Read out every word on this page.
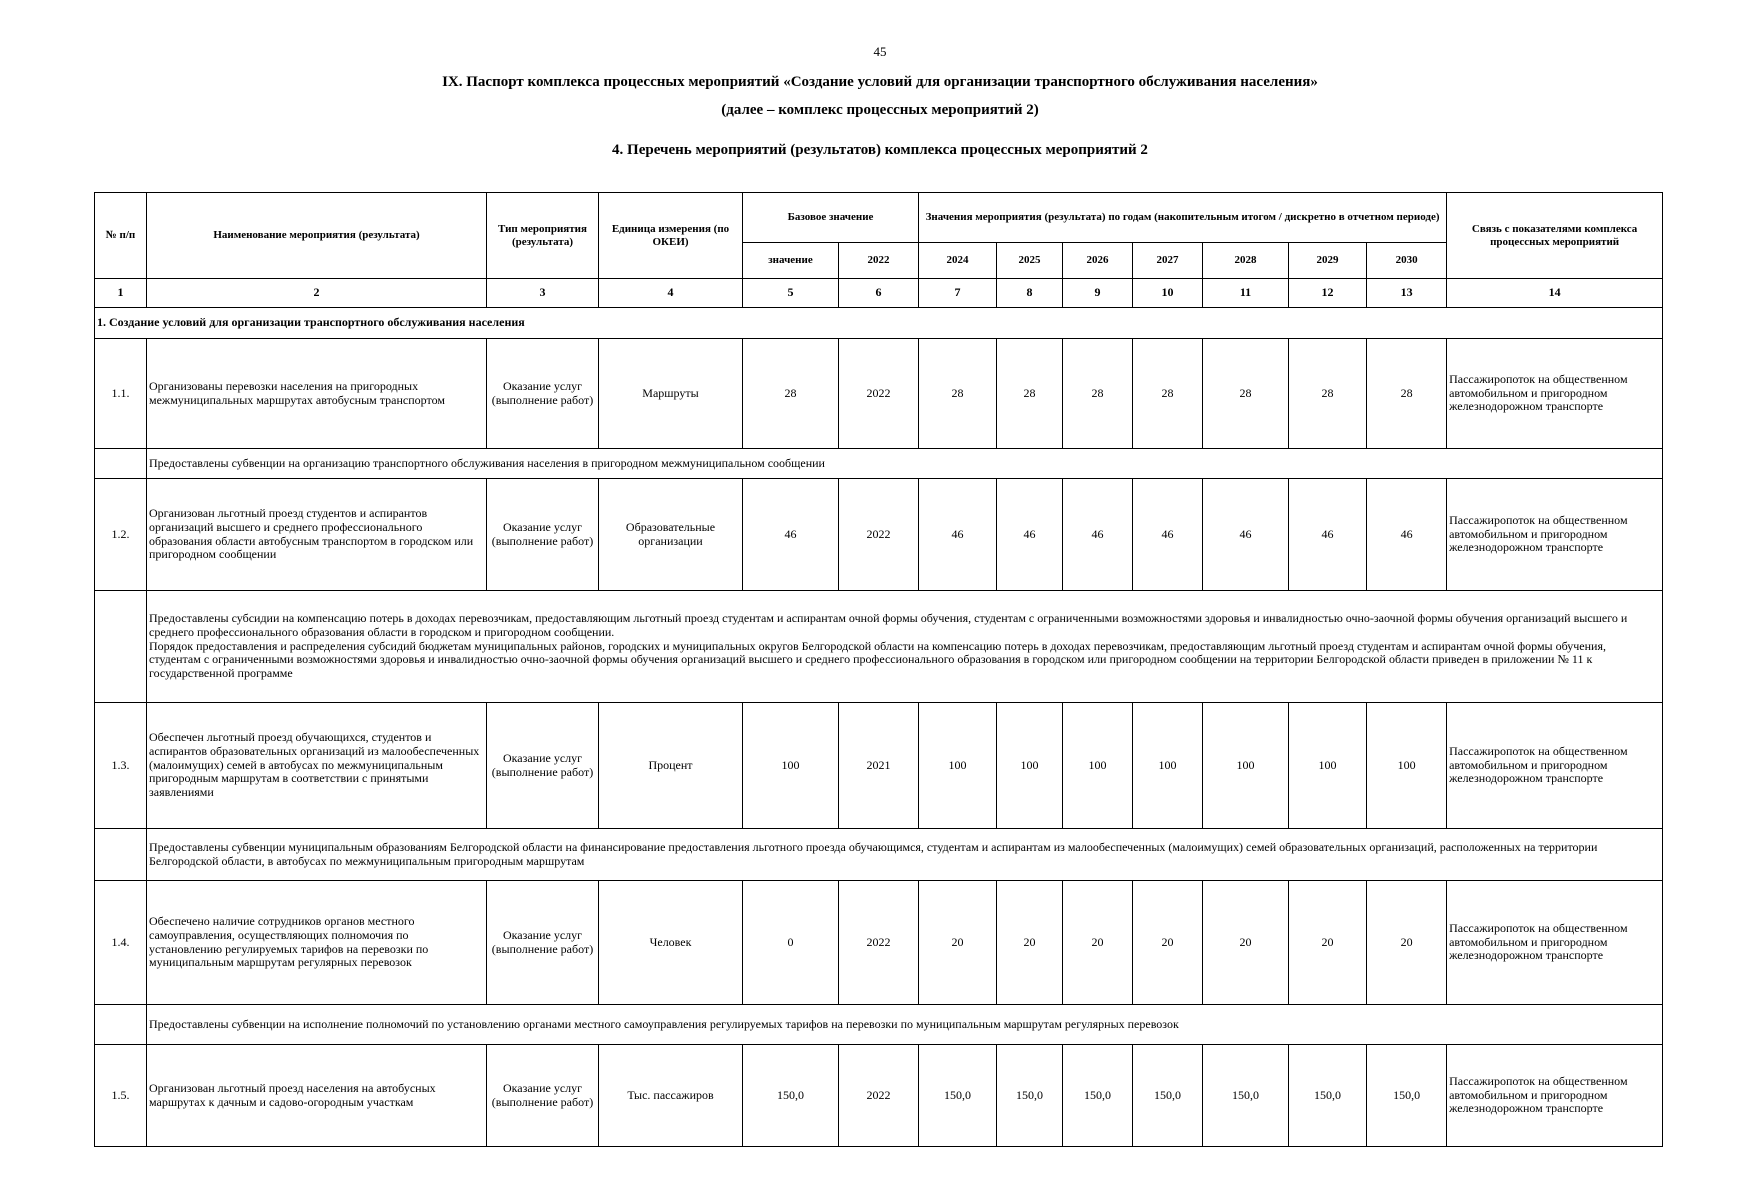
45
IX. Паспорт комплекса процессных мероприятий «Создание условий для организации транспортного обслуживания населения»
(далее – комплекс процессных мероприятий 2)
4. Перечень мероприятий (результатов) комплекса процессных мероприятий 2
№ п/п	Наименование мероприятия (результата)	Тип мероприятия (результата)	Единица измерения (по ОКЕИ)	Базовое значение		Значения мероприятия (результата) по годам (накопительным итогом / дискретно в отчетном периоде)							Связь с показателями комплекса процессных мероприятий
				значение	2022	2024	2025	2026	2027	2028	2029	2030	
1	2	3	4	5	6	7	8	9	10	11	12	13	14
1. Создание условий для организации транспортного обслуживания населения													
1.1.	Организованы перевозки населения на пригородных межмуниципальных маршрутах автобусным транспортом	Оказание услуг (выполнение работ)	Маршруты	28	2022	28	28	28	28	28	28	28	Пассажиропоток на общественном автомобильном и пригородном железнодорожном транспорте
	Предоставлены субвенции на организацию транспортного обслуживания населения в пригородном межмуниципальном сообщении												
1.2.	Организован льготный проезд студентов и аспирантов организаций высшего и среднего профессионального образования области автобусным транспортом в городском или пригородном сообщении	Оказание услуг (выполнение работ)	Образовательные организации	46	2022	46	46	46	46	46	46	46	Пассажиропоток на общественном автомобильном и пригородном железнодорожном транспорте

	Предоставлены субсидии на компенсацию потерь в доходах перевозчикам, предоставляющим льготный проезд студентам и аспирантам очной формы обучения, студентам с ограниченными возможностями здоровья и инвалидностью очно-заочной формы обучения организаций высшего и среднего профессионального образования области в городском и пригородном сообщении.
Порядок предоставления и распределения субсидий бюджетам муниципальных районов, городских и муниципальных округов Белгородской области на компенсацию потерь в доходах перевозчикам, предоставляющим льготный проезд студентам и аспирантам очной формы обучения, студентам с ограниченными возможностями здоровья и инвалидностью очно-заочной формы обучения организаций высшего и среднего профессионального образования в городском или пригородном сообщении на территории Белгородской области приведен в приложении № 11 к государственной программе												

1.3.	Обеспечен льготный проезд обучающихся, студентов и аспирантов образовательных организаций из малообеспеченных (малоимущих) семей в автобусах по межмуниципальным пригородным маршрутам в соответствии с принятыми заявлениями	Оказание услуг (выполнение работ)	Процент	100	2021	100	100	100	100	100	100	100	Пассажиропоток на общественном автомобильном и пригородном железнодорожном транспорте
	Предоставлены субвенции муниципальным образованиям Белгородской области на финансирование предоставления льготного проезда обучающимся, студентам и аспирантам из малообеспеченных (малоимущих) семей образовательных организаций, расположенных на территории Белгородской области, в автобусах по межмуниципальным пригородным маршрутам												
1.4.	Обеспечено наличие сотрудников органов местного самоуправления, осуществляющих полномочия по установлению регулируемых тарифов на перевозки по муниципальным маршрутам регулярных перевозок	Оказание услуг (выполнение работ)	Человек	0	2022	20	20	20	20	20	20	20	Пассажиропоток на общественном автомобильном и пригородном железнодорожном транспорте
	Предоставлены субвенции на исполнение полномочий по установлению органами местного самоуправления регулируемых тарифов на перевозки по муниципальным маршрутам регулярных перевозок												
1.5.	Организован льготный проезд населения на автобусных маршрутах к дачным и садово-огородным участкам	Оказание услуг (выполнение работ)	Тыс. пассажиров	150,0	2022	150,0	150,0	150,0	150,0	150,0	150,0	150,0	Пассажиропоток на общественном автомобильном и пригородном железнодорожном транспорте
